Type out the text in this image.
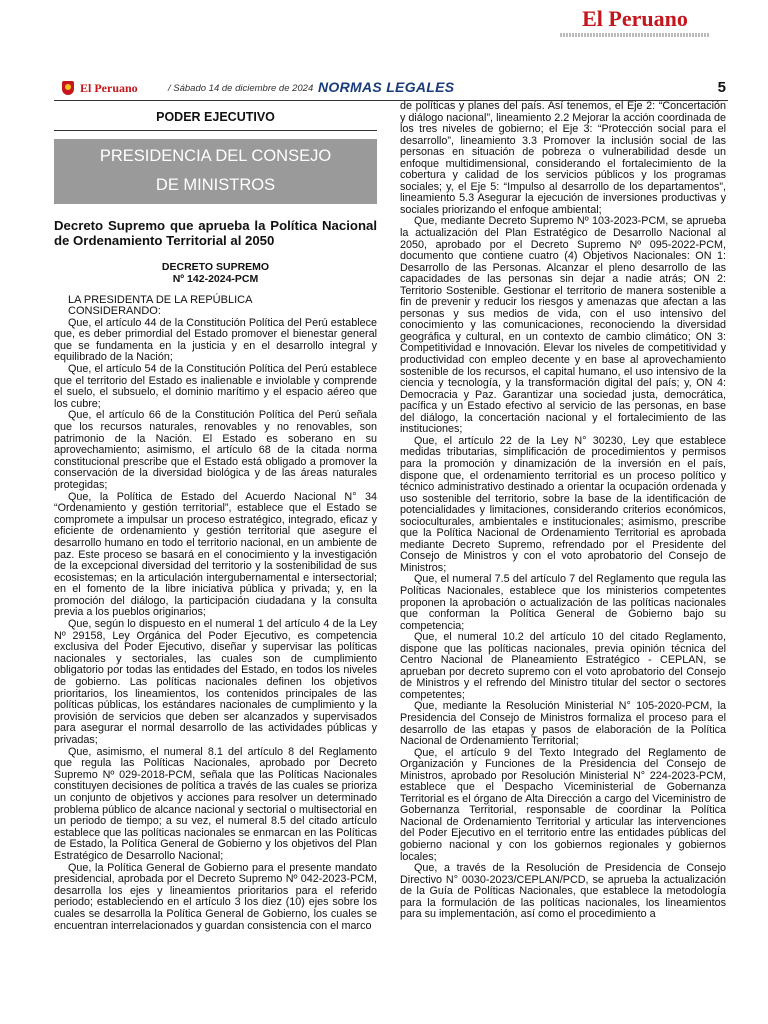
El Peruano
El Peruano	/ Sábado 14 de diciembre de 2024 NORMAS LEGALES	5
PODER EJECUTIVO
PRESIDENCIA DEL CONSEJO
DE MINISTROS
Decreto Supremo que aprueba la Política Nacional de Ordenamiento Territorial al 2050
DECRETO SUPREMO
Nº 142-2024-PCM

LA PRESIDENTA DE LA REPÚBLICA

CONSIDERANDO:

Que, el artículo 44 de la Constitución Política del Perú establece que, es deber primordial del Estado promover el bienestar general que se fundamenta en la justicia y en el desarrollo integral y equilibrado de la Nación;

Que, el artículo 54 de la Constitución Política del Perú establece que el territorio del Estado es inalienable e inviolable y comprende el suelo, el subsuelo, el dominio marítimo y el espacio aéreo que los cubre;

Que, el artículo 66 de la Constitución Política del Perú señala que los recursos naturales, renovables y no renovables, son patrimonio de la Nación. El Estado es soberano en su aprovechamiento; asimismo, el artículo 68 de la citada norma constitucional prescribe que el Estado está obligado a promover la conservación de la diversidad biológica y de las áreas naturales protegidas;

Que, la Política de Estado del Acuerdo Nacional N° 34 “Ordenamiento y gestión territorial”, establece que el Estado se compromete a impulsar un proceso estratégico, integrado, eficaz y eficiente de ordenamiento y gestión territorial que asegure el desarrollo humano en todo el territorio nacional, en un ambiente de paz. Este proceso se basará en el conocimiento y la investigación de la excepcional diversidad del territorio y la sostenibilidad de sus ecosistemas; en la articulación intergubernamental e intersectorial; en el fomento de la libre iniciativa pública y privada; y, en la promoción del diálogo, la participación ciudadana y la consulta previa a los pueblos originarios;

Que, según lo dispuesto en el numeral 1 del artículo 4 de la Ley Nº 29158, Ley Orgánica del Poder Ejecutivo, es competencia exclusiva del Poder Ejecutivo, diseñar y supervisar las políticas nacionales y sectoriales, las cuales son de cumplimiento obligatorio por todas las entidades del Estado, en todos los niveles de gobierno. Las políticas nacionales definen los objetivos prioritarios, los lineamientos, los contenidos principales de las políticas públicas, los estándares nacionales de cumplimiento y la provisión de servicios que deben ser alcanzados y supervisados para asegurar el normal desarrollo de las actividades públicas y privadas;

Que, asimismo, el numeral 8.1 del artículo 8 del Reglamento que regula las Políticas Nacionales, aprobado por Decreto Supremo Nº 029-2018-PCM, señala que las Políticas Nacionales constituyen decisiones de política a través de las cuales se prioriza un conjunto de objetivos y acciones para resolver un determinado problema público de alcance nacional y sectorial o multisectorial en un periodo de tiempo; a su vez, el numeral 8.5 del citado artículo establece que las políticas nacionales se enmarcan en las Políticas de Estado, la Política General de Gobierno y los objetivos del Plan Estratégico de Desarrollo Nacional;

Que, la Política General de Gobierno para el presente mandato presidencial, aprobada por el Decreto Supremo Nº 042-2023-PCM, desarrolla los ejes y lineamientos prioritarios para el referido periodo; estableciendo en el artículo 3 los diez (10) ejes sobre los cuales se desarrolla la Política General de Gobierno, los cuales se encuentran interrelacionados y guardan consistencia con el marco

de políticas y planes del país. Así tenemos, el Eje 2: “Concertación y diálogo nacional”, lineamiento 2.2 Mejorar la acción coordinada de los tres niveles de gobierno; el Eje 3: “Protección social para el desarrollo”, lineamiento 3.3 Promover la inclusión social de las personas en situación de pobreza o vulnerabilidad desde un enfoque multidimensional, considerando el fortalecimiento de la cobertura y calidad de los servicios públicos y los programas sociales; y, el Eje 5: “Impulso al desarrollo de los departamentos”, lineamiento 5.3 Asegurar la ejecución de inversiones productivas y sociales priorizando el enfoque ambiental;

Que, mediante Decreto Supremo Nº 103-2023-PCM, se aprueba la actualización del Plan Estratégico de Desarrollo Nacional al 2050, aprobado por el Decreto Supremo Nº 095-2022-PCM, documento que contiene cuatro (4) Objetivos Nacionales: ON 1: Desarrollo de las Personas. Alcanzar el pleno desarrollo de las capacidades de las personas sin dejar a nadie atrás; ON 2: Territorio Sostenible. Gestionar el territorio de manera sostenible a fin de prevenir y reducir los riesgos y amenazas que afectan a las personas y sus medios de vida, con el uso intensivo del conocimiento y las comunicaciones, reconociendo la diversidad geográfica y cultural, en un contexto de cambio climático; ON 3: Competitividad e Innovación. Elevar los niveles de competitividad y productividad con empleo decente y en base al aprovechamiento sostenible de los recursos, el capital humano, el uso intensivo de la ciencia y tecnología, y la transformación digital del país; y, ON 4: Democracia y Paz. Garantizar una sociedad justa, democrática, pacífica y un Estado efectivo al servicio de las personas, en base del diálogo, la concertación nacional y el fortalecimiento de las instituciones;

Que, el artículo 22 de la Ley N° 30230, Ley que establece medidas tributarias, simplificación de procedimientos y permisos para la promoción y dinamización de la inversión en el país, dispone que, el ordenamiento territorial es un proceso político y técnico administrativo destinado a orientar la ocupación ordenada y uso sostenible del territorio, sobre la base de la identificación de potencialidades y limitaciones, considerando criterios económicos, socioculturales, ambientales e institucionales; asimismo, prescribe que la Política Nacional de Ordenamiento Territorial es aprobada mediante Decreto Supremo, refrendado por el Presidente del Consejo de Ministros y con el voto aprobatorio del Consejo de Ministros;

Que, el numeral 7.5 del artículo 7 del Reglamento que regula las Políticas Nacionales, establece que los ministerios competentes proponen la aprobación o actualización de las políticas nacionales que conforman la Política General de Gobierno bajo su competencia;

Que, el numeral 10.2 del artículo 10 del citado Reglamento, dispone que las políticas nacionales, previa opinión técnica del Centro Nacional de Planeamiento Estratégico - CEPLAN, se aprueban por decreto supremo con el voto aprobatorio del Consejo de Ministros y el refrendo del Ministro titular del sector o sectores competentes;

Que, mediante la Resolución Ministerial N° 105-2020-PCM, la Presidencia del Consejo de Ministros formaliza el proceso para el desarrollo de las etapas y pasos de elaboración de la Política Nacional de Ordenamiento Territorial;

Que, el artículo 9 del Texto Integrado del Reglamento de Organización y Funciones de la Presidencia del Consejo de Ministros, aprobado por Resolución Ministerial N° 224-2023-PCM, establece que el Despacho Viceministerial de Gobernanza Territorial es el órgano de Alta Dirección a cargo del Viceministro de Gobernanza Territorial, responsable de coordinar la Política Nacional de Ordenamiento Territorial y articular las intervenciones del Poder Ejecutivo en el territorio entre las entidades públicas del gobierno nacional y con los gobiernos regionales y gobiernos locales;

Que, a través de la Resolución de Presidencia de Consejo Directivo N° 0030-2023/CEPLAN/PCD, se aprueba la actualización de la Guía de Políticas Nacionales, que establece la metodología para la formulación de las políticas nacionales, los lineamientos para su implementación, así como el procedimiento a
